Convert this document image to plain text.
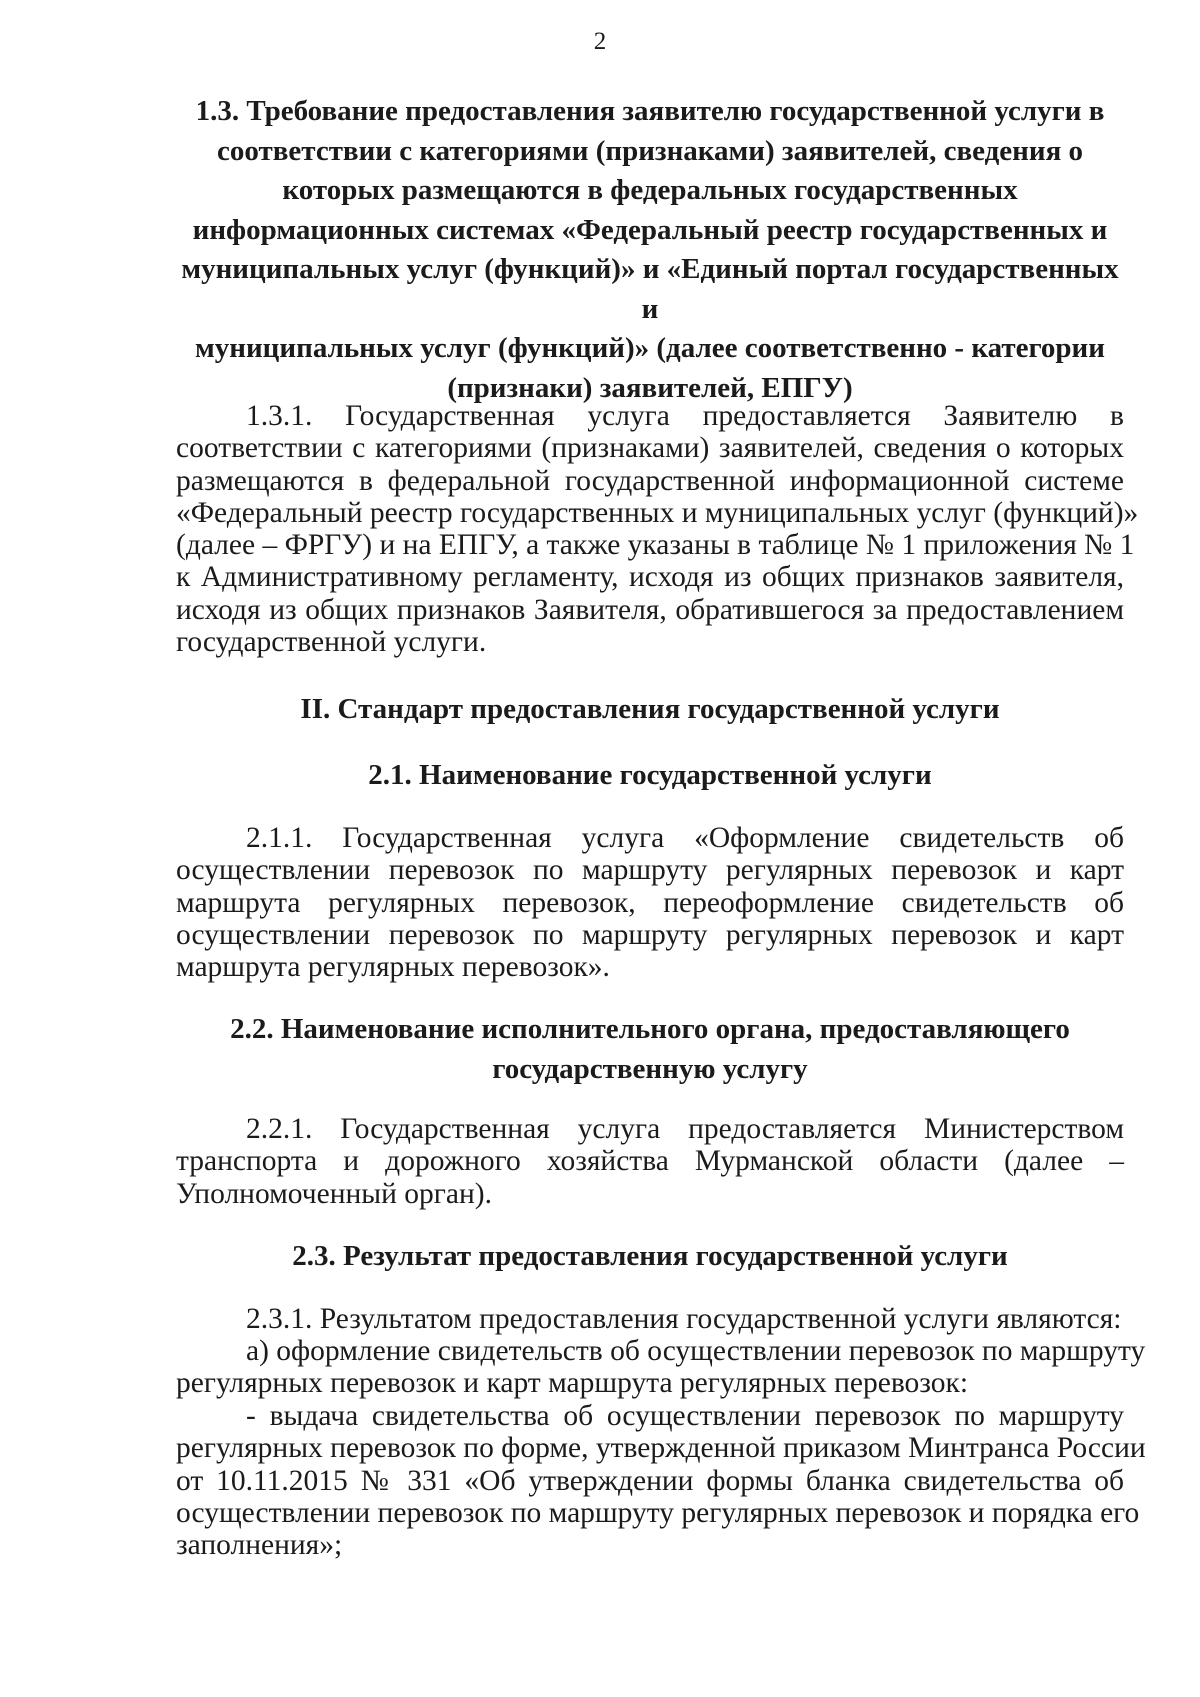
2
1.3. Требование предоставления заявителю государственной услуги в
соответствии с категориями (признаками) заявителей, сведения о
которых размещаются в федеральных государственных
информационных системах «Федеральный реестр государственных и
муниципальных услуг (функций)» и «Единый портал государственных и
муниципальных услуг (функций)» (далее соответственно - категории
(признаки) заявителей, ЕПГУ)
1.3.1. Государственная услуга предоставляется Заявителю в
соответствии с категориями (признаками) заявителей, сведения о которых
размещаются в федеральной государственной информационной системе
«Федеральный реестр государственных и муниципальных услуг (функций)»
(далее – ФРГУ) и на ЕПГУ, а также указаны в таблице № 1 приложения № 1
к Административному регламенту, исходя из общих признаков заявителя,
исходя из общих признаков Заявителя, обратившегося за предоставлением
государственной услуги.
II. Стандарт предоставления государственной услуги
2.1. Наименование государственной услуги
2.1.1. Государственная услуга «Оформление свидетельств об
осуществлении перевозок по маршруту регулярных перевозок и карт
маршрута регулярных перевозок, переоформление свидетельств об
осуществлении перевозок по маршруту регулярных перевозок и карт
маршрута регулярных перевозок».
2.2. Наименование исполнительного органа, предоставляющего
государственную услугу
2.2.1. Государственная услуга предоставляется Министерством
транспорта и дорожного хозяйства Мурманской области (далее –
Уполномоченный орган).
2.3. Результат предоставления государственной услуги
2.3.1. Результатом предоставления государственной услуги являются:
а) оформление свидетельств об осуществлении перевозок по маршруту
регулярных перевозок и карт маршрута регулярных перевозок:
- выдача свидетельства об осуществлении перевозок по маршруту
регулярных перевозок по форме, утвержденной приказом Минтранса России
от 10.11.2015 № 331 «Об утверждении формы бланка свидетельства об
осуществлении перевозок по маршруту регулярных перевозок и порядка его
заполнения»;
